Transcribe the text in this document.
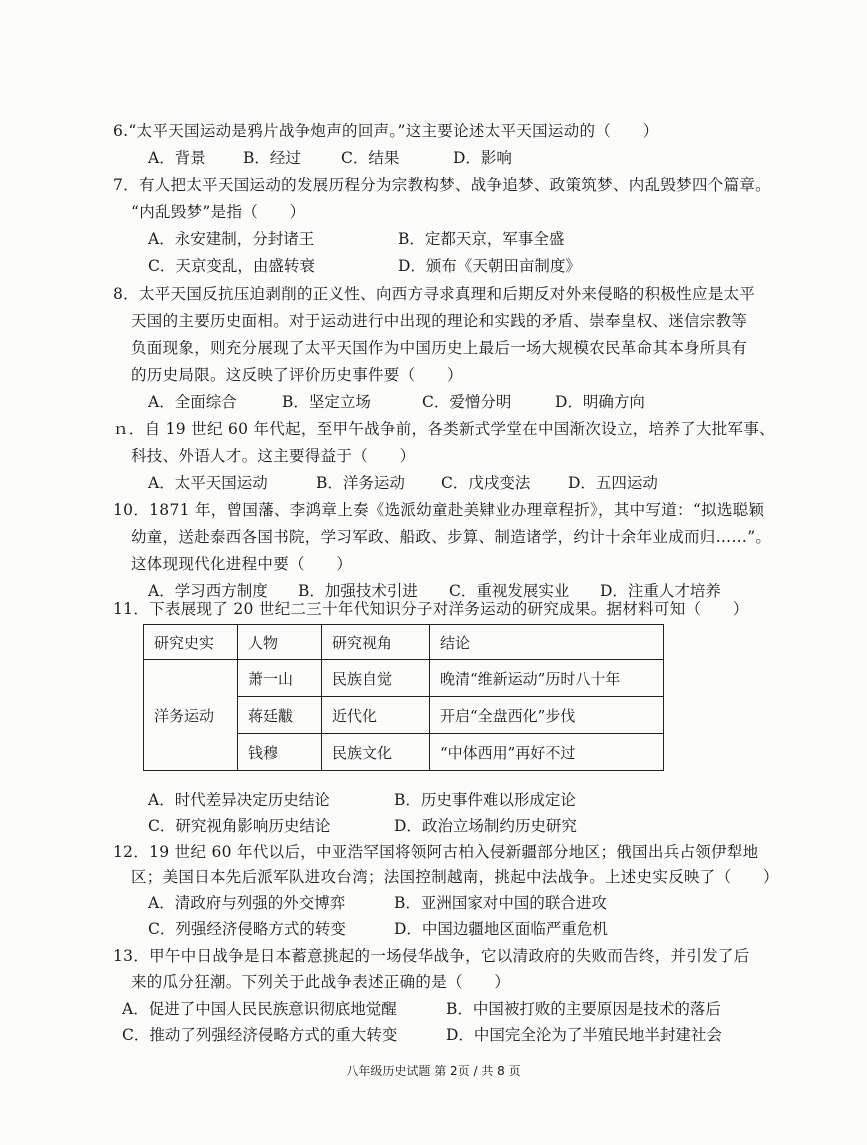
6.“太平天国运动是鸦片战争炮声的回声。”这主要论述太平天国运动的（　　）
A．背景 B．经过	C．结果	D．影响
7．有人把太平天国运动的发展历程分为宗教构梦、战争追梦、政策筑梦、内乱毁梦四个篇章。
“内乱毁梦”是指（　　）
A．永安建制，分封诸王	B．定都天京，军事全盛
C．天京变乱，由盛转衰	D．颁布《天朝田亩制度》
8．太平天国反抗压迫剥削的正义性、向西方寻求真理和后期反对外来侵略的积极性应是太平
天国的主要历史面相。对于运动进行中出现的理论和实践的矛盾、崇奉皇权、迷信宗教等
负面现象，则充分展现了太平天国作为中国历史上最后一场大规模农民革命其本身所具有
的历史局限。这反映了评价历史事件要（　　）
A．全面综合	B．坚定立场	C．爱憎分明	D．明确方向
ｎ．自 19 世纪 60 年代起，至甲午战争前，各类新式学堂在中国渐次设立，培养了大批军事、
科技、外语人才。这主要得益于（　　）
A．太平天国运动	B．洋务运动 C．戊戌变法 D．五四运动
10．1871 年，曾国藩、李鸿章上奏《选派幼童赴美肄业办理章程折》，其中写道：“拟选聪颖
幼童，送赴泰西各国书院，学习军政、船政、步算、制造诸学，约计十余年业成而归……”。
这体现现代化进程中要（　　）
A．学习西方制度 B．加强技术引进 C．重视发展实业 D．注重人才培养
11．下表展现了 20 世纪二三十年代知识分子对洋务运动的研究成果。据材料可知（　　）
研究史实	人物	研究视角	结论
洋务运动	萧一山	民族自觉	晚清“维新运动”历时八十年
	蒋廷黻	近代化	开启“全盘西化”步伐
	钱穆	民族文化	“中体西用”再好不过
A．时代差异决定历史结论	B．历史事件难以形成定论
C．研究视角影响历史结论	D．政治立场制约历史研究
12．19 世纪 60 年代以后，中亚浩罕国将领阿古柏入侵新疆部分地区；俄国出兵占领伊犁地
区；美国日本先后派军队进攻台湾；法国控制越南，挑起中法战争。上述史实反映了（　　）
A．清政府与列强的外交博弈	B．亚洲国家对中国的联合进攻
C．列强经济侵略方式的转变	D．中国边疆地区面临严重危机
13．甲午中日战争是日本蓄意挑起的一场侵华战争，它以清政府的失败而告终，并引发了后
来的瓜分狂潮。下列关于此战争表述正确的是（　　）
A．促进了中国人民民族意识彻底地觉醒	B．中国被打败的主要原因是技术的落后
C．推动了列强经济侵略方式的重大转变	D．中国完全沦为了半殖民地半封建社会
八年级历史试题 第 2页 / 共 8 页
